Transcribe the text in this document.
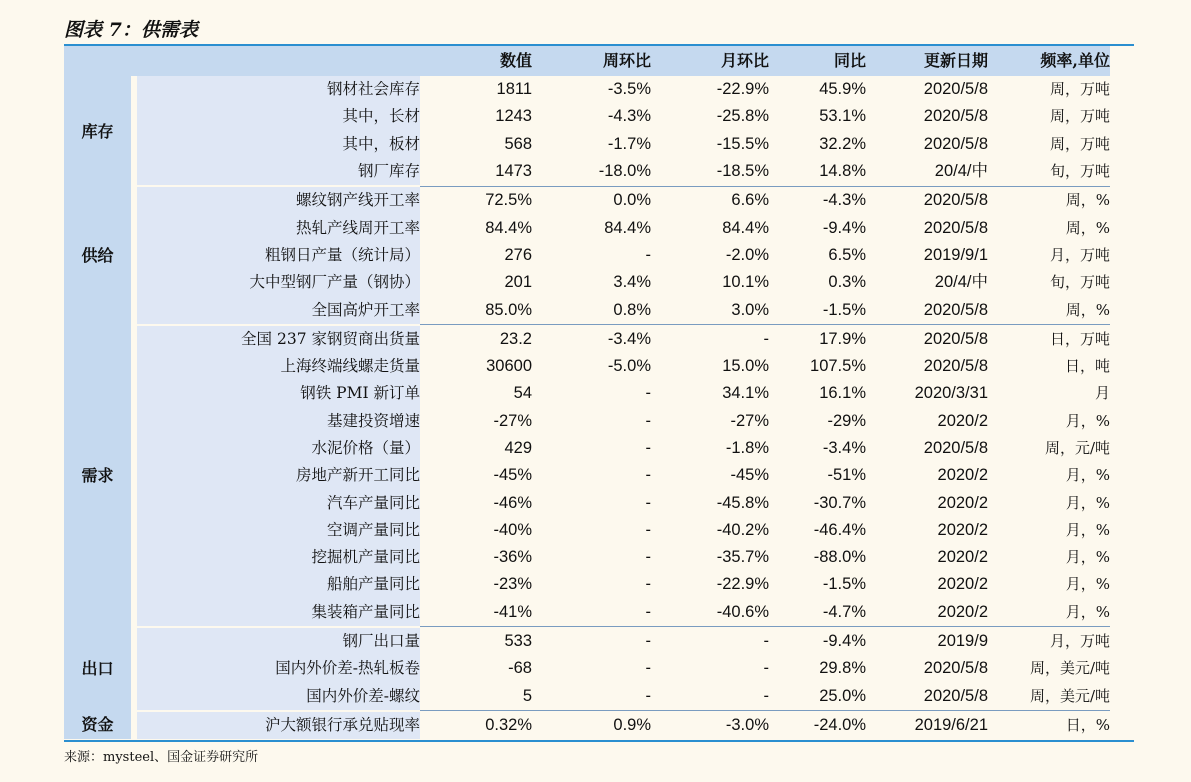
图表 7：供需表
		数值	周环比	月环比	同比	更新日期	频率,单位
库存	钢材社会库存	1811	-3.5%	-22.9%	45.9%	2020/5/8	周，万吨
	其中，长材	1243	-4.3%	-25.8%	53.1%	2020/5/8	周，万吨
	其中，板材	568	-1.7%	-15.5%	32.2%	2020/5/8	周，万吨
	钢厂库存	1473	-18.0%	-18.5%	14.8%	20/4/中	旬，万吨
供给	螺纹钢产线开工率	72.5%	0.0%	6.6%	-4.3%	2020/5/8	周，%
	热轧产线周开工率	84.4%	84.4%	84.4%	-9.4%	2020/5/8	周，%
	粗钢日产量（统计局）	276	-	-2.0%	6.5%	2019/9/1	月，万吨
	大中型钢厂产量（钢协）	201	3.4%	10.1%	0.3%	20/4/中	旬，万吨
	全国高炉开工率	85.0%	0.8%	3.0%	-1.5%	2020/5/8	周，%
需求	全国 237 家钢贸商出货量	23.2	-3.4%	-	17.9%	2020/5/8	日，万吨
	上海终端线螺走货量	30600	-5.0%	15.0%	107.5%	2020/5/8	日，吨
	钢铁 PMI 新订单	54	-	34.1%	16.1%	2020/3/31	月
	基建投资增速	-27%	-	-27%	-29%	2020/2	月，%
	水泥价格（量）	429	-	-1.8%	-3.4%	2020/5/8	周，元/吨
	房地产新开工同比	-45%	-	-45%	-51%	2020/2	月，%
	汽车产量同比	-46%	-	-45.8%	-30.7%	2020/2	月，%
	空调产量同比	-40%	-	-40.2%	-46.4%	2020/2	月，%
	挖掘机产量同比	-36%	-	-35.7%	-88.0%	2020/2	月，%
	船舶产量同比	-23%	-	-22.9%	-1.5%	2020/2	月，%
	集装箱产量同比	-41%	-	-40.6%	-4.7%	2020/2	月，%
出口	钢厂出口量	533	-	-	-9.4%	2019/9	月，万吨
	国内外价差-热轧板卷	-68	-	-	29.8%	2020/5/8	周，美元/吨
	国内外价差-螺纹	5	-	-	25.0%	2020/5/8	周，美元/吨
资金	沪大额银行承兑贴现率	0.32%	0.9%	-3.0%	-24.0%	2019/6/21	日，%
来源：mysteel、国金证券研究所
